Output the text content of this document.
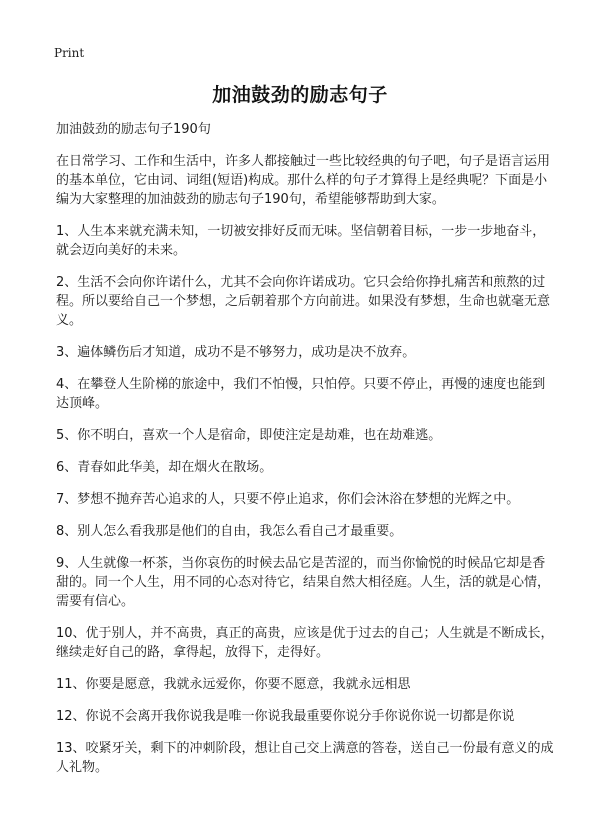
Print
加油鼓劲的励志句子
加油鼓劲的励志句子190句
在日常学习、工作和生活中，许多人都接触过一些比较经典的句子吧，句子是语言运用的基本单位，它由词、词组(短语)构成。那什么样的句子才算得上是经典呢？下面是小编为大家整理的加油鼓劲的励志句子190句，希望能够帮助到大家。
1、人生本来就充满未知，一切被安排好反而无味。坚信朝着目标，一步一步地奋斗，就会迈向美好的未来。
2、生活不会向你许诺什么，尤其不会向你许诺成功。它只会给你挣扎痛苦和煎熬的过程。所以要给自己一个梦想，之后朝着那个方向前进。如果没有梦想，生命也就毫无意义。
3、遍体鳞伤后才知道，成功不是不够努力，成功是决不放弃。
4、在攀登人生阶梯的旅途中，我们不怕慢，只怕停。只要不停止，再慢的速度也能到达顶峰。
5、你不明白，喜欢一个人是宿命，即使注定是劫难，也在劫难逃。
6、青春如此华美，却在烟火在散场。
7、梦想不抛弃苦心追求的人，只要不停止追求，你们会沐浴在梦想的光辉之中。
8、别人怎么看我那是他们的自由，我怎么看自己才最重要。
9、人生就像一杯茶，当你哀伤的时候去品它是苦涩的，而当你愉悦的时候品它却是香甜的。同一个人生，用不同的心态对待它，结果自然大相径庭。人生，活的就是心情，需要有信心。
10、优于别人，并不高贵，真正的高贵，应该是优于过去的自己；人生就是不断成长，继续走好自己的路，拿得起，放得下，走得好。
11、你要是愿意，我就永远爱你，你要不愿意，我就永远相思
12、你说不会离开我你说我是唯一你说我最重要你说分手你说你说一切都是你说
13、咬紧牙关，剩下的冲刺阶段，想让自己交上满意的答卷，送自己一份最有意义的成人礼物。
